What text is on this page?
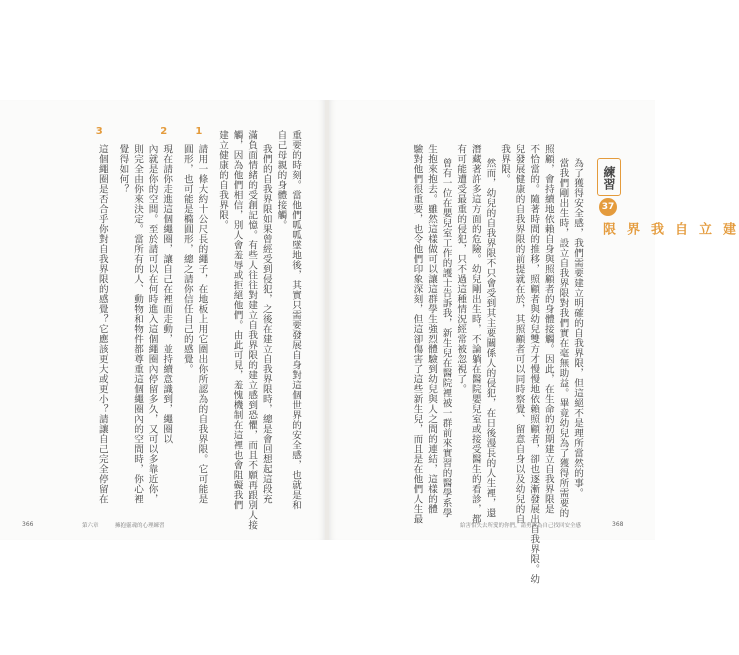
練習
37
建立自我界限
為了獲得安全感，我們需要建立明確的自我界限，但這絕不是理所當然的事。
當我們剛出生時，設立自我界限對我們實在毫無助益。畢竟幼兒為了獲得所需要的
照顧，會持續地依賴自身與照顧者的身體接觸。因此，在生命的初期建立自我界限是
不恰當的。隨著時間的推移，照顧者與幼兒雙方才慢慢地依賴照顧者，卻也逐漸發展出自我界限。幼
兒發展健康的自我界限的前提就在於，其照顧者可以同時察覺、留意自身以及幼兒的自
我界限。
然而，幼兒的自我界限不只會受到其主要關係人的侵犯，在日後漫長的人生裡，還
潛藏著許多這方面的危險。幼兒剛出生時，不論躺在醫院嬰兒室或接受醫生的看診，都
有可能遭受最重的侵犯，只不過這種情況經常被忽視了。
曾有一位在嬰兒室工作的護士告訴我，新生兒在醫院裡被一群前來實習的醫學系學
生抱來抱去。雖然這樣做可以讓這群學生強烈體驗到幼兒與人之間的連結，這樣的體
驗對他們很重要，也令他們印象深刻，但這卻傷害了這些新生兒，而且是在他們人生最
重要的時刻。當他們呱呱墜地後，其實只需要發展自身對這個世界的安全感，也就是和
自己母親的身體接觸。
我們的自我界限如果曾經受到侵犯，之後在建立自我界限時，總是會回想起這段充
滿負面情緒的受創記憶。有些人往往對建立自我界限的建立感到恐懼，而且不願再跟別人接
觸，因為他們相信，別人會羞辱或拒絕他們。由此可見，羞愧機制在這裡也會阻礙我們
建立健康的自我界限。
1
請用一條大約十公尺長的繩子，在地板上用它圍出你所認為的自我界限。它可能是
圓形，也可能是橢圓形，總之請你信任自己的感覺。
2
現在請你走進這個繩圈，讓自己在裡面走動，並持續意識到，繩圈以
內就是你的空間。至於請可以在何時進入這個繩圈內停留多久，又可以多靠近你，
則完全由你來決定。當所有的人、動物和物件都尊重這個繩圈內的空間時，你心裡
覺得如何？
3
這個繩圈是否合乎你對自我界限的感覺？它應該更大或更小？請讓自己完全停留在
366	第六章	擁抱靈魂的心理練習	給害怕失去所愛的你們，請勇敢為自己找回安全感	368
